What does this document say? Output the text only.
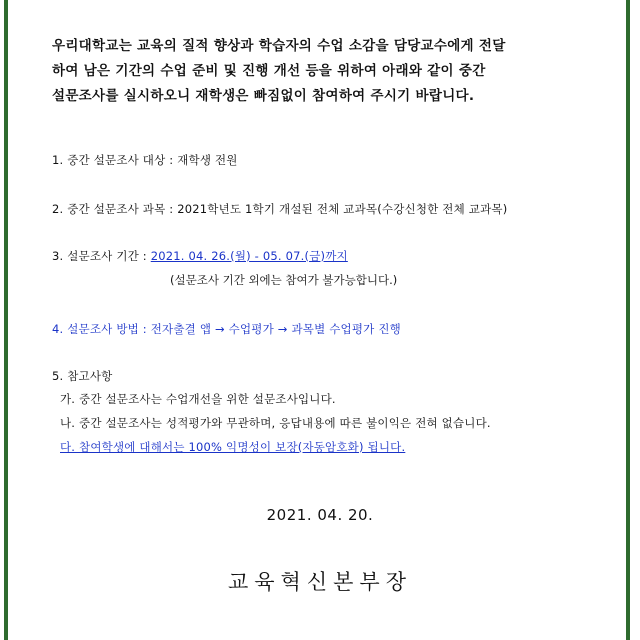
우리대학교는 교육의 질적 향상과 학습자의 수업 소감을 담당교수에게 전달
하여 남은 기간의 수업 준비 및 진행 개선 등을 위하여 아래와 같이 중간
설문조사를 실시하오니 재학생은 빠짐없이 참여하여 주시기 바랍니다.
1. 중간 설문조사 대상 : 재학생 전원
2. 중간 설문조사 과목 : 2021학년도 1학기 개설된 전체 교과목(수강신청한 전체 교과목)
3. 설문조사 기간 : 2021. 04. 26.(월) - 05. 07.(금)까지
(설문조사 기간 외에는 참여가 불가능합니다.)
4. 설문조사 방법 : 전자출결 앱 → 수업평가 → 과목별 수업평가 진행
5. 참고사항
가. 중간 설문조사는 수업개선을 위한 설문조사입니다.
나. 중간 설문조사는 성적평가와 무관하며, 응답내용에 따른 불이익은 전혀 없습니다.
다. 참여학생에 대해서는 100% 익명성이 보장(자동암호화) 됩니다.
2021. 04. 20.
교육혁신본부장
